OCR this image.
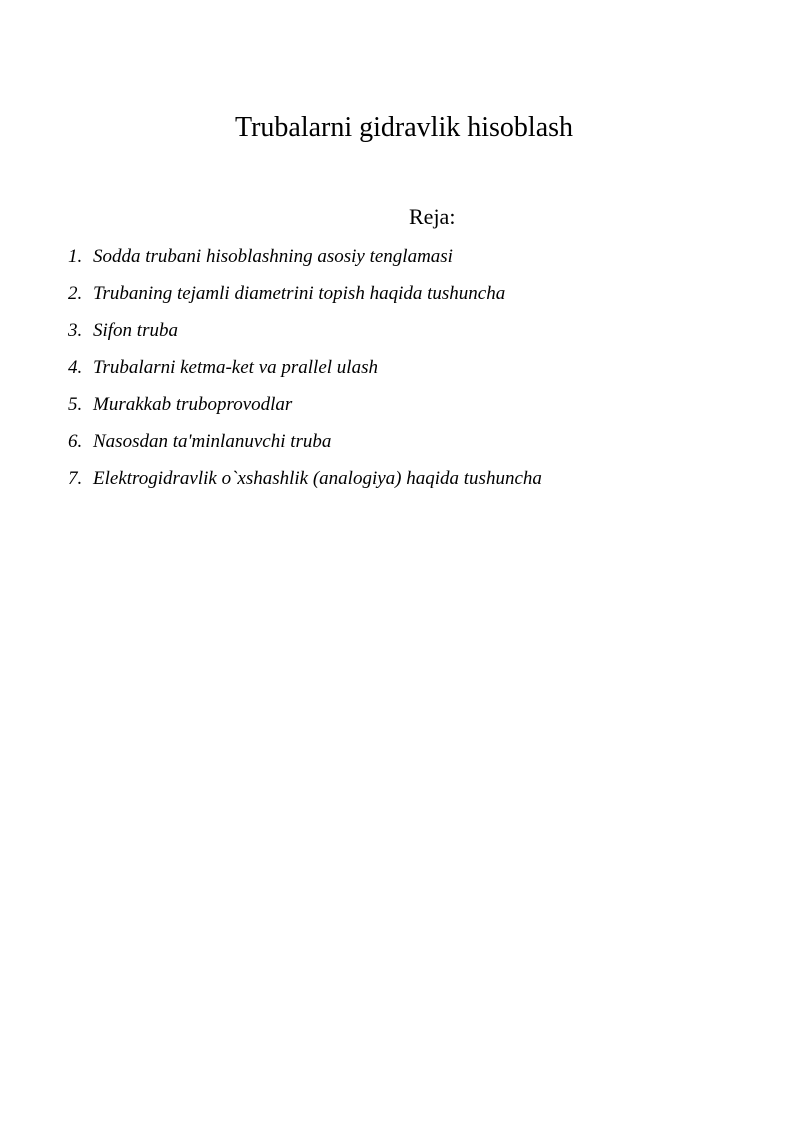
Trubalarni gidravlik hisoblash
Reja:
1. Sodda trubani hisoblashning asosiy tenglamasi
2. Trubaning tejamli diametrini topish haqida tushuncha
3. Sifon truba
4. Trubalarni ketma-ket va prallel ulash
5. Murakkab truboprovodlar
6. Nasosdan ta'minlanuvchi truba
7. Elektrogidravlik o`xshashlik (analogiya) haqida tushuncha
